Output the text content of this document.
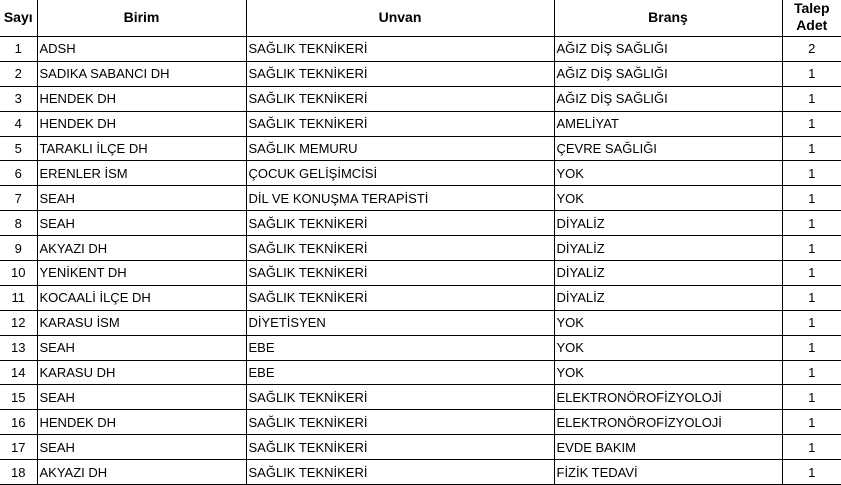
Sayı	Birim	Unvan	Branş	Talep Adet
1	ADSH	SAĞLIK TEKNİKERİ	AĞIZ DİŞ SAĞLIĞI	2
2	SADIKA SABANCI DH	SAĞLIK TEKNİKERİ	AĞIZ DİŞ SAĞLIĞI	1
3	HENDEK DH	SAĞLIK TEKNİKERİ	AĞIZ DİŞ SAĞLIĞI	1
4	HENDEK DH	SAĞLIK TEKNİKERİ	AMELİYAT	1
5	TARAKLI İLÇE DH	SAĞLIK MEMURU	ÇEVRE SAĞLIĞI	1
6	ERENLER İSM	ÇOCUK GELİŞİMCİSİ	YOK	1
7	SEAH	DİL VE KONUŞMA TERAPİSTİ	YOK	1
8	SEAH	SAĞLIK TEKNİKERİ	DİYALİZ	1
9	AKYAZI DH	SAĞLIK TEKNİKERİ	DİYALİZ	1
10	YENİKENT DH	SAĞLIK TEKNİKERİ	DİYALİZ	1
11	KOCAALİ İLÇE DH	SAĞLIK TEKNİKERİ	DİYALİZ	1
12	KARASU İSM	DİYETİSYEN	YOK	1
13	SEAH	EBE	YOK	1
14	KARASU DH	EBE	YOK	1
15	SEAH	SAĞLIK TEKNİKERİ	ELEKTRONÖROFİZYOLOJİ	1
16	HENDEK DH	SAĞLIK TEKNİKERİ	ELEKTRONÖROFİZYOLOJİ	1
17	SEAH	SAĞLIK TEKNİKERİ	EVDE BAKIM	1
18	AKYAZI DH	SAĞLIK TEKNİKERİ	FİZİK TEDAVİ	1
